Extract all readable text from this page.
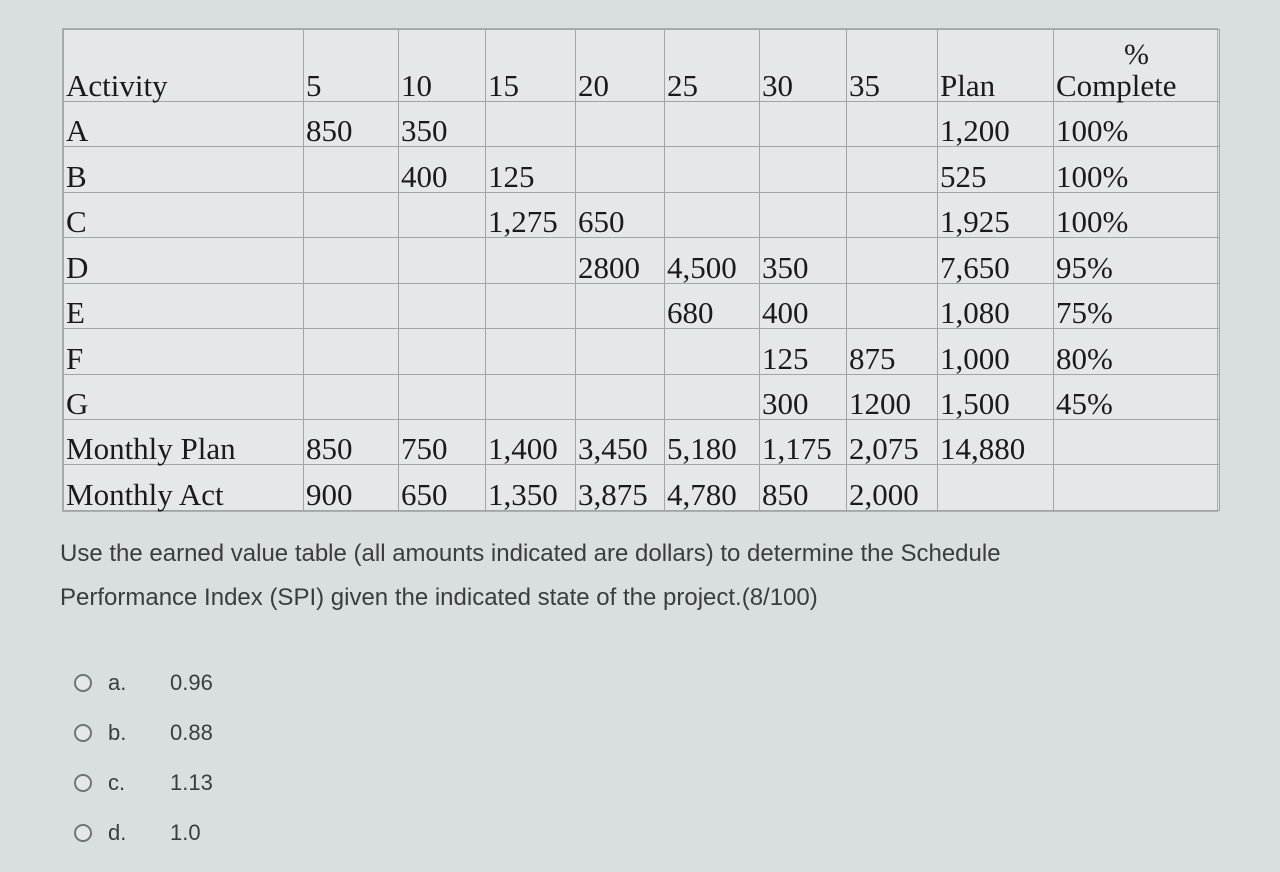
Activity	5	10	15	20	25	30	35	Plan	%
Complete
A	850	350						1,200	100%
B		400	125					525	100%
C			1,275	650				1,925	100%
D				2800	4,500	350		7,650	95%
E					680	400		1,080	75%
F						125	875	1,000	80%
G						300	1200	1,500	45%
Monthly Plan	850	750	1,400	3,450	5,180	1,175	2,075	14,880	
Monthly Act	900	650	1,350	3,875	4,780	850	2,000		
Use the earned value table (all amounts indicated are dollars) to determine the Schedule
Performance Index (SPI) given the indicated state of the project.(8/100)
a.	0.96
b.	0.88
c.	1.13
d.	1.0
